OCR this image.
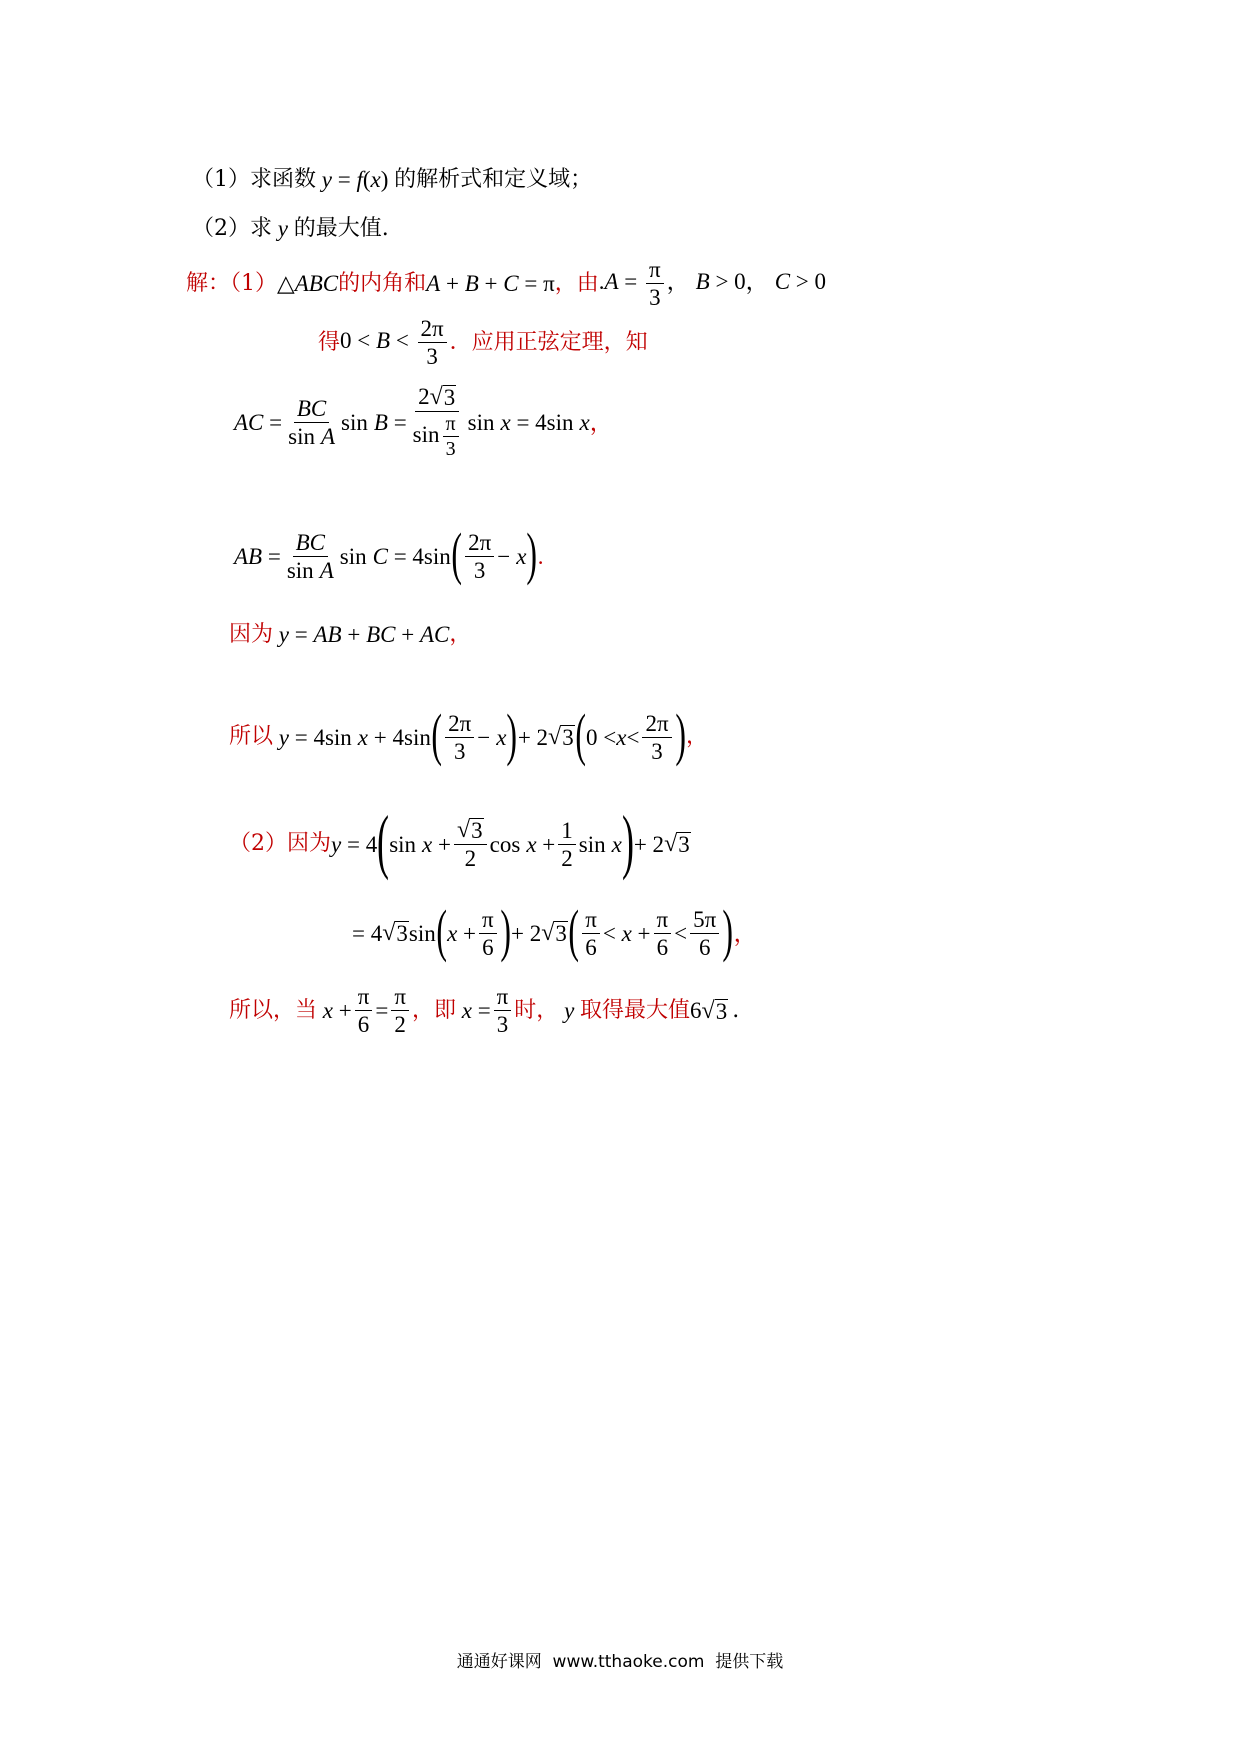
（1）求函数 y = f(x) 的解析式和定义域；
（2）求 y 的最大值.
解：（1） △ABC 的内角和 A + B + C = π ，由 $.A = \frac{\pi}{3}$ ， B > 0， C > 0
得 $0 < B < \frac{2\pi}{3}$ ．应用正弦定理，知
AC = $\frac{BC}{\text{sin A}}$ $\sin B = \frac{2 √ 3}{\sin \frac{\pi}{3}}$ sin x = 4sin x ，
AB = $\frac{BC}{\text{sin A}}$ sin C = 4sin ( $\frac{2\pi}{3} - x$ ) .
因为 y = AB + BC + AC ，
所以
y = 4sin x + 4sin ( $\frac{2\pi}{3} - x$ ) + 2 √ 3 ( $0 < x < \frac{2\pi}{3}$ ) ，
（2）因为 y = 4 ( $\sin x + \frac{√ 3}{2}$ $\cos x + \frac{1}{2}$ sin x ) + 2 √ 3
= 4 √ 3 sin ( $x + \frac{\pi}{6}$ ) + 2 √ 3 ( $\frac{\pi}{6} < x + \frac{\pi}{6} < \frac{5\pi}{6}$ ) ，
所以，当
$x + \frac{\pi}{6} = \frac{\pi}{2}$ ，即
$x = \frac{\pi}{3}$ 时， y 取得最大值 6 √ 3 .
通通好课网 www.tthaoke.com 提供下载
